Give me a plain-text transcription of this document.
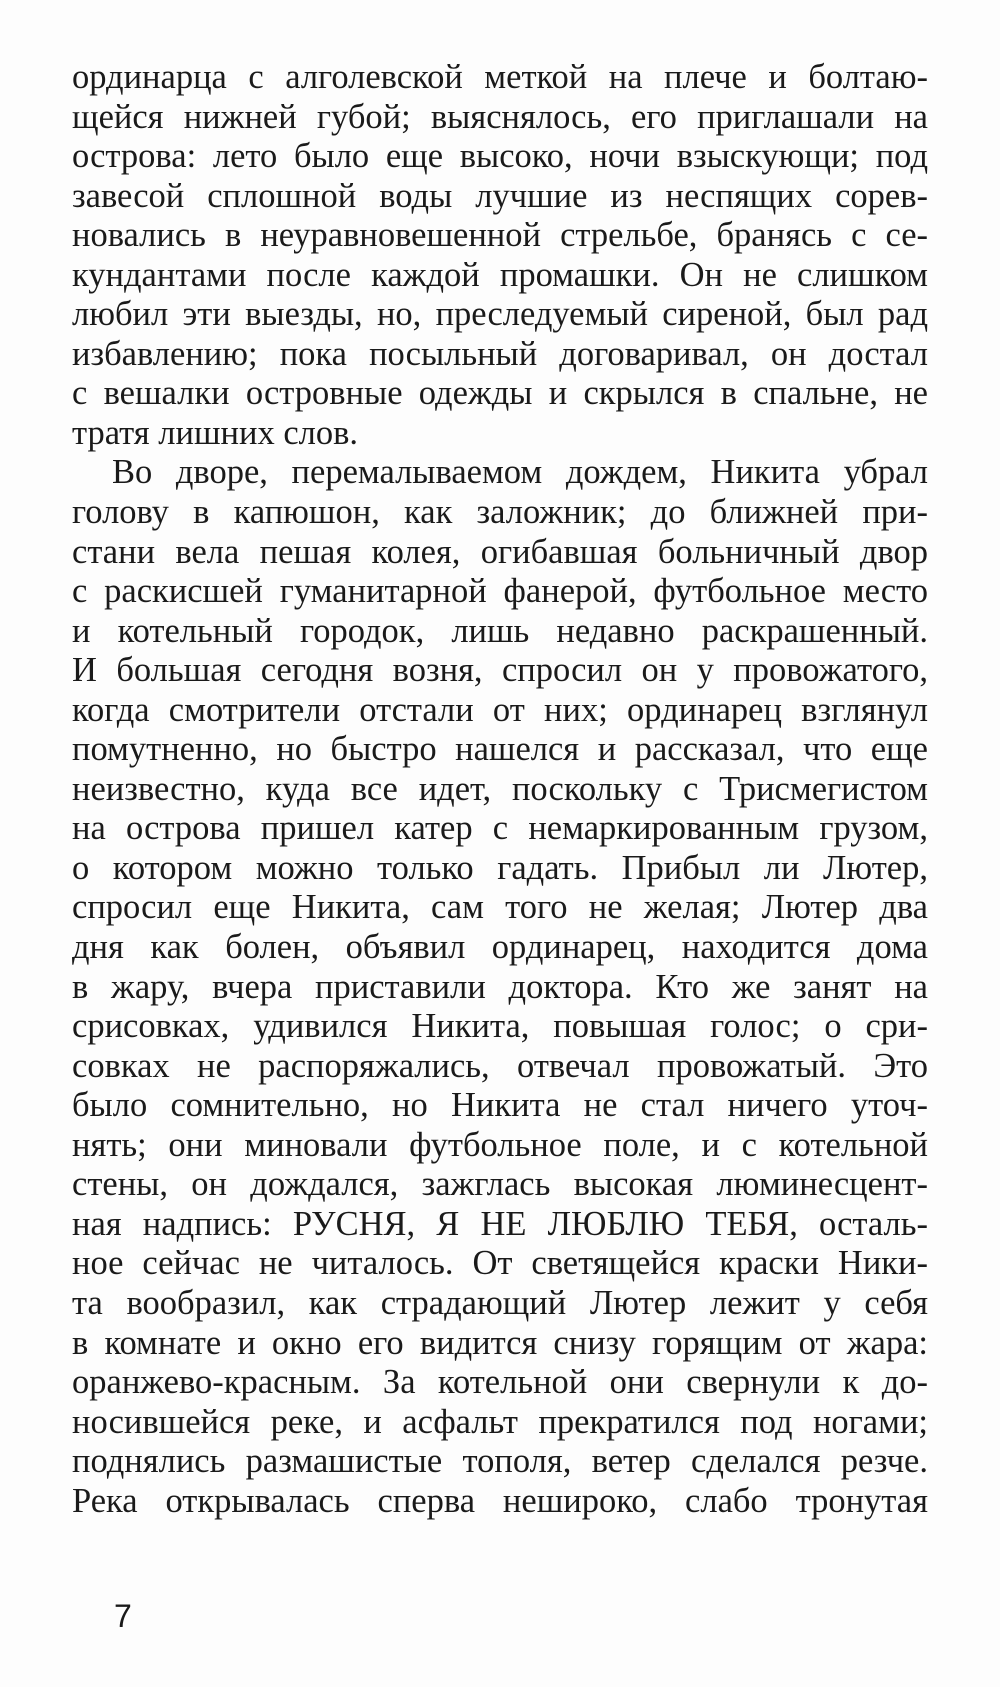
ординарца с алголевской меткой на плече и болтаю-
щейся нижней губой; выяснялось, его приглашали на
острова: лето было еще высоко, ночи взыскующи; под
завесой сплошной воды лучшие из неспящих сорев-
новались в неуравновешенной стрельбе, бранясь с се-
кундантами после каждой промашки. Он не слишком
любил эти выезды, но, преследуемый сиреной, был рад
избавлению; пока посыльный договаривал, он достал
с вешалки островные одежды и скрылся в спальне, не
тратя лишних слов.
Во дворе, перемалываемом дождем, Никита убрал
голову в капюшон, как заложник; до ближней при-
стани вела пешая колея, огибавшая больничный двор
с раскисшей гуманитарной фанерой, футбольное место
и котельный городок, лишь недавно раскрашенный.
И большая сегодня возня, спросил он у провожатого,
когда смотрители отстали от них; ординарец взглянул
помутненно, но быстро нашелся и рассказал, что еще
неизвестно, куда все идет, поскольку с Трисмегистом
на острова пришел катер с немаркированным грузом,
о котором можно только гадать. Прибыл ли Лютер,
спросил еще Никита, сам того не желая; Лютер два
дня как болен, объявил ординарец, находится дома
в жару, вчера приставили доктора. Кто же занят на
срисовках, удивился Никита, повышая голос; о сри-
совках не распоряжались, отвечал провожатый. Это
было сомнительно, но Никита не стал ничего уточ-
нять; они миновали футбольное поле, и с котельной
стены, он дождался, зажглась высокая люминесцент-
ная надпись: РУСНЯ, Я НЕ ЛЮБЛЮ ТЕБЯ, осталь-
ное сейчас не читалось. От светящейся краски Ники-
та вообразил, как страдающий Лютер лежит у себя
в комнате и окно его видится снизу горящим от жара:
оранжево-красным. За котельной они свернули к до-
носившейся реке, и асфальт прекратился под ногами;
поднялись размашистые тополя, ветер сделался резче.
Река открывалась сперва нешироко, слабо тронутая
7
